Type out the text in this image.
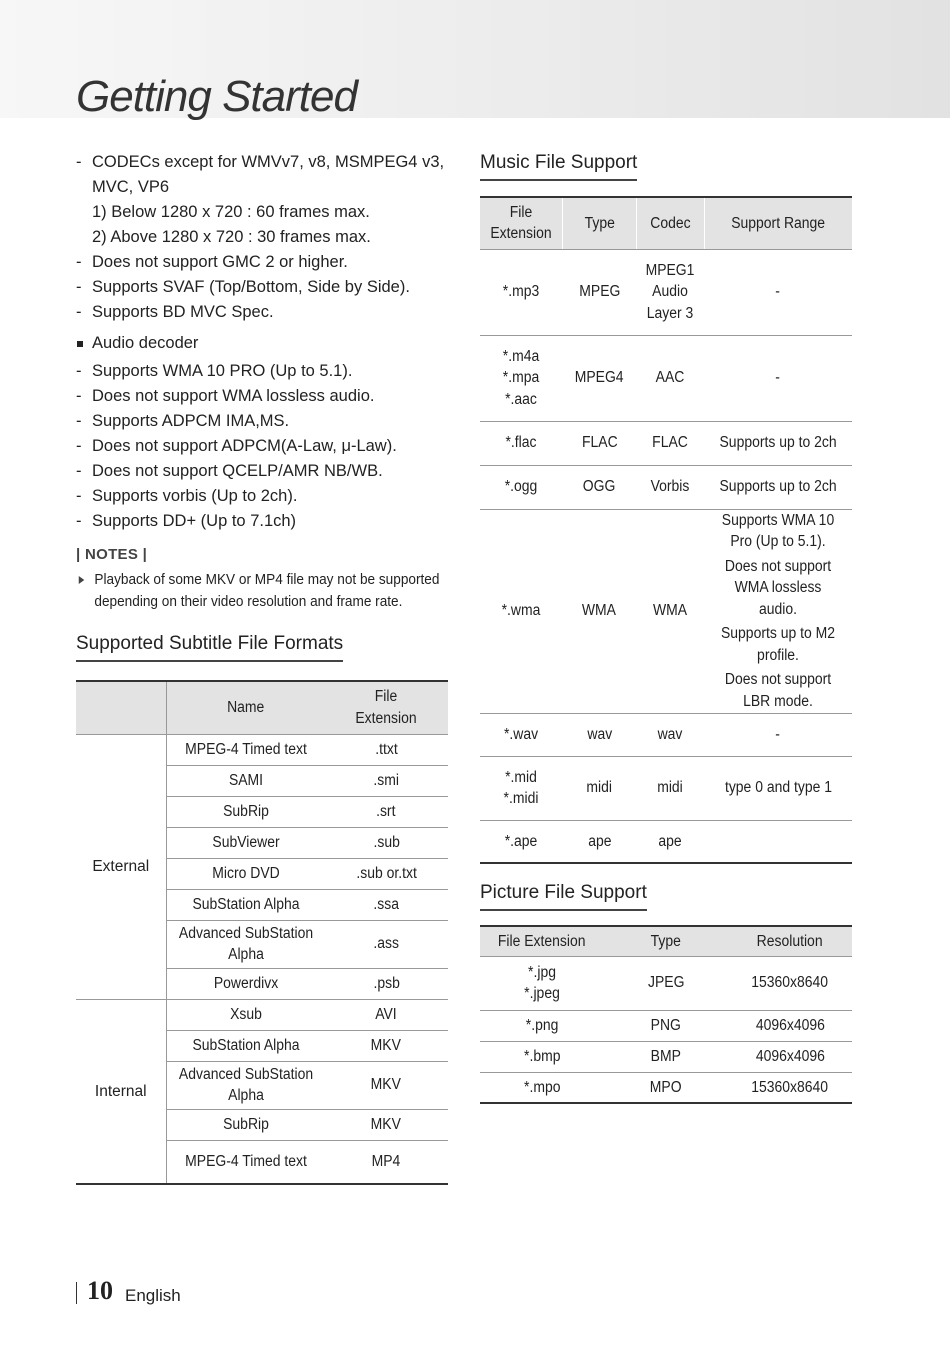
Getting Started
- CODECs except for WMVv7, v8, MSMPEG4 v3, MVC, VP6
1) Below 1280 x 720 : 60 frames max.
2) Above 1280 x 720 : 30 frames max.
- Does not support GMC 2 or higher.
- Supports SVAF (Top/Bottom, Side by Side).
- Supports BD MVC Spec.
Audio decoder
- Supports WMA 10 PRO (Up to 5.1).
- Does not support WMA lossless audio.
- Supports ADPCM IMA,MS.
- Does not support ADPCM(A-Law, μ-Law).
- Does not support QCELP/AMR NB/WB.
- Supports vorbis (Up to 2ch).
- Supports DD+ (Up to 7.1ch)
| NOTES |
Playback of some MKV or MP4 file may not be supported depending on their video resolution and frame rate.
Supported Subtitle File Formats
	Name	File Extension
External	MPEG-4 Timed text	.ttxt
	SAMI	.smi
	SubRip	.srt
	SubViewer	.sub
	Micro DVD	.sub or.txt
	SubStation Alpha	.ssa
	Advanced SubStation Alpha	.ass
	Powerdivx	.psb
Internal	Xsub	AVI
	SubStation Alpha	MKV
	Advanced SubStation Alpha	MKV
	SubRip	MKV
	MPEG-4 Timed text	MP4
Music File Support
File Extension	Type	Codec	Support Range
*.mp3	MPEG	MPEG1 Audio Layer 3	-

*.m4a *.mpa *.aac	MPEG4	AAC	-

*.flac	FLAC	FLAC	Supports up to 2ch

*.ogg	OGG	Vorbis	Supports up to 2ch

*.wma	WMA	WMA	Supports WMA 10 Pro (Up to 5.1).
Does not support WMA lossless audio.
Supports up to M2 profile.
Does not support LBR mode.

*.wav	wav	wav	-

*.mid *.midi	midi	midi	type 0 and type 1

*.ape	ape	ape	
Picture File Support
File Extension	Type	Resolution
*.jpg *.jpeg	JPEG	15360x8640
*.png	PNG	4096x4096
*.bmp	BMP	4096x4096
*.mpo	MPO	15360x8640
10 English
